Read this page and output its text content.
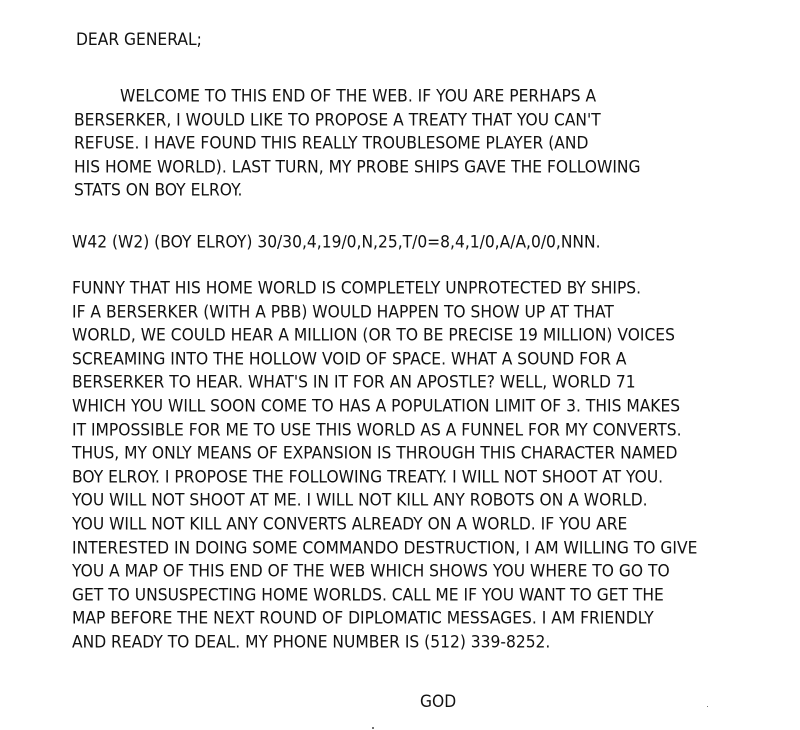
DEAR GENERAL;
WELCOME TO THIS END OF THE WEB. IF YOU ARE PERHAPS A
BERSERKER, I WOULD LIKE TO PROPOSE A TREATY THAT YOU CAN'T
REFUSE. I HAVE FOUND THIS REALLY TROUBLESOME PLAYER (AND
HIS HOME WORLD). LAST TURN, MY PROBE SHIPS GAVE THE FOLLOWING
STATS ON BOY ELROY.
W42 (W2) (BOY ELROY) 30/30,4,19/0,N,25,T/0=8,4,1/0,A/A,0/0,NNN.
FUNNY THAT HIS HOME WORLD IS COMPLETELY UNPROTECTED BY SHIPS.
IF A BERSERKER (WITH A PBB) WOULD HAPPEN TO SHOW UP AT THAT
WORLD, WE COULD HEAR A MILLION (OR TO BE PRECISE 19 MILLION) VOICES
SCREAMING INTO THE HOLLOW VOID OF SPACE. WHAT A SOUND FOR A
BERSERKER TO HEAR. WHAT'S IN IT FOR AN APOSTLE? WELL, WORLD 71
WHICH YOU WILL SOON COME TO HAS A POPULATION LIMIT OF 3. THIS MAKES
IT IMPOSSIBLE FOR ME TO USE THIS WORLD AS A FUNNEL FOR MY CONVERTS.
THUS, MY ONLY MEANS OF EXPANSION IS THROUGH THIS CHARACTER NAMED
BOY ELROY. I PROPOSE THE FOLLOWING TREATY. I WILL NOT SHOOT AT YOU.
YOU WILL NOT SHOOT AT ME. I WILL NOT KILL ANY ROBOTS ON A WORLD.
YOU WILL NOT KILL ANY CONVERTS ALREADY ON A WORLD. IF YOU ARE
INTERESTED IN DOING SOME COMMANDO DESTRUCTION, I AM WILLING TO GIVE
YOU A MAP OF THIS END OF THE WEB WHICH SHOWS YOU WHERE TO GO TO
GET TO UNSUSPECTING HOME WORLDS. CALL ME IF YOU WANT TO GET THE
MAP BEFORE THE NEXT ROUND OF DIPLOMATIC MESSAGES. I AM FRIENDLY
AND READY TO DEAL. MY PHONE NUMBER IS (512) 339-8252.
GOD
